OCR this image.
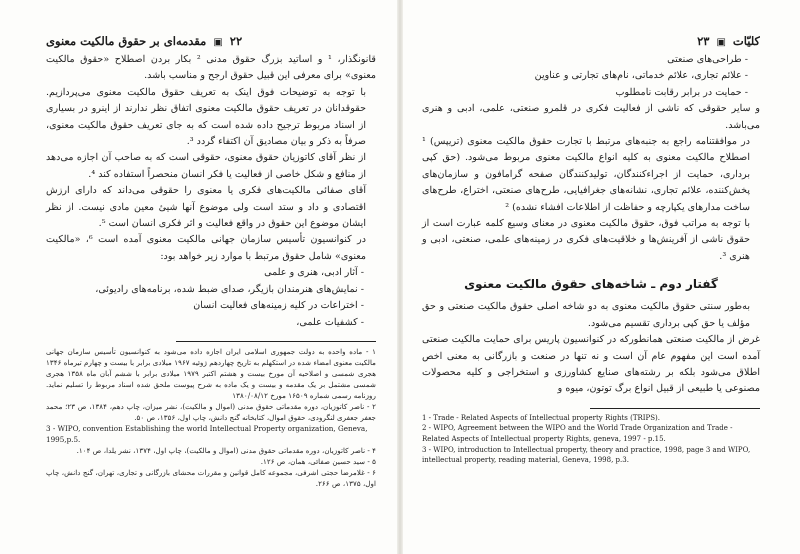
۲۲ ▣ مقدمه‌ای بر حقوق مالکیت معنوی

قانونگذار، ¹ و اساتید بزرگ حقوق مدنی ² بکار بردن اصطلاح «حقوق مالکیت معنوی» برای معرفی این قبیل حقوق ارجح و مناسب باشد.

با توجه به توضیحات فوق اینک به تعریف حقوق مالکیت معنوی می‌پردازیم. حقوقدانان در تعریف حقوق مالکیت معنوی اتفاق نظر ندارند از اینرو در بسیاری از اسناد مربوط ترجیح داده شده است که به جای تعریف حقوق مالکیت معنوی، صرفاً به ذکر و بیان مصادیق آن اکتفاء گردد ³.

از نظر آقای کاتوزیان حقوق معنوی، حقوقی است که به صاحب آن اجازه می‌دهد از منافع و شکل خاصی از فعالیت یا فکر انسان منحصراً استفاده کند ⁴.

آقای صفائی مالکیت‌های فکری یا معنوی را حقوقی می‌داند که دارای ارزش اقتصادی و داد و ستد است ولی موضوع آنها شیئ معین مادی نیست. از نظر ایشان موضوع این حقوق در واقع فعالیت و اثر فکری انسان است ⁵.

در کنوانسیون تأسیس سازمان جهانی مالکیت معنوی آمده است ⁶، «مالکیت معنوی» شامل حقوق مرتبط با موارد زیر خواهد بود:

- آثار ادبی، هنری و علمی
- نمایش‌های هنرمندان بازیگر، صدای ضبط شده، برنامه‌های رادیوئی،
- اختراعات در کلیه زمینه‌های فعالیت انسان
- کشفیات علمی،

۱ - ماده واحده به دولت جمهوری اسلامی ایران اجازه داده می‌شود به کنوانسیون تأسیس سازمان جهانی مالکیت معنوی امضاء شده در استکهلم به تاریخ چهاردهم ژوئیه ۱۹۶۷ میلادی برابر با بیست و چهارم تیرماه ۱۳۴۶ هجری شمسی و اصلاحیه آن مورخ بیست و هشتم اکتبر ۱۹۷۹ میلادی برابر با ششم آبان ماه ۱۳۵۸ هجری شمسی مشتمل بر یک مقدمه و بیست و یک ماده به شرح پیوست ملحق شده اسناد مربوط را تسلیم نماید. روزنامه رسمی شماره ۱۶۵۰۹ مورخ ۱۳۸۰/۰۸/۱۲

۲ - ناصر کاتوزیان، دوره مقدماتی حقوق مدنی (اموال و مالکیت)، نشر میزان، چاپ دهم، ۱۳۸۴، ص ۲۳؛ محمد جعفر جعفری لنگرودی، حقوق اموال، کتابخانه گنج دانش، چاپ اول، ۱۳۵۶، ص ۵۰.

3 - WIPO, convention Establishing the world Intellectual Property organization, Geneva, 1995,p.5.

۴ - ناصر کاتوزیان، دوره مقدماتی حقوق مدنی (اموال و مالکیت)، چاپ اول، ۱۳۷۴، نشر یلدا، ص ۱۰۴.

۵ - سید حسین صفائی، همان، ص ۱۲۶.

۶ - غلامرضا حجتی اشرفی، مجموعه کامل قوانین و مقررات محشای بازرگانی و تجاری، تهران، گنج دانش، چاپ اول، ۱۳۷۵، ص ۲۶۶.

کلیّات ▣ ۲۳
- طراحی‌های صنعتی
- علائم تجاری، علائم خدماتی، نام‌های تجارتی و عناوین
- حمایت در برابر رقابت نامطلوب

و سایر حقوقی که ناشی از فعالیت فکری در قلمرو صنعتی، علمی، ادبی و هنری می‌باشد.

در موافقتنامه راجع به جنبه‌های مرتبط با تجارت حقوق مالکیت معنوی (تریپس) ¹ اصطلاح مالکیت معنوی به کلیه انواع مالکیت معنوی مربوط می‌شود. (حق کپی برداری، حمایت از اجراءکنندگان، تولیدکنندگان صفحه گرامافون و سازمان‌های پخش‌کننده، علائم تجاری، نشانه‌های جغرافیایی، طرح‌های صنعتی، اختراع، طرح‌های ساخت مدارهای یکپارچه و حفاظت از اطلاعات افشاء نشده) ²

با توجه به مراتب فوق، حقوق مالکیت معنوی در معنای وسیع کلمه عبارت است از حقوق ناشی از آفرینش‌ها و خلاقیت‌های فکری در زمینه‌های علمی، صنعتی، ادبی و هنری ³.

گفتار دوم ـ شاخه‌های حقوق مالکیت معنوی

به‌طور سنتی حقوق مالکیت معنوی به دو شاخه اصلی حقوق مالکیت صنعتی و حق مؤلف یا حق کپی برداری تقسیم می‌شود.

غرض از مالکیت صنعتی همانطورکه در کنوانسیون پاریس برای حمایت مالکیت صنعتی آمده است این مفهوم عام آن است و نه تنها در صنعت و بازرگانی به معنی اخص اطلاق می‌شود بلکه بر رشته‌های صنایع کشاورزی و استخراجی و کلیه محصولات مصنوعی یا طبیعی از قبیل انواع برگ توتون، میوه و

1 - Trade - Related Aspects of Intellectual property Rights (TRIPS).

2 - WIPO, Agreement between the WIPO and the World Trade Organization and Trade - Related Aspects of Intellectual property Rights, geneva, 1997 - p.15.

3 - WIPO, introduction to Intellectual property, theory and practice, 1998, page 3 and WIPO, intellectual property, reading material, Geneva, 1998, p.3.
